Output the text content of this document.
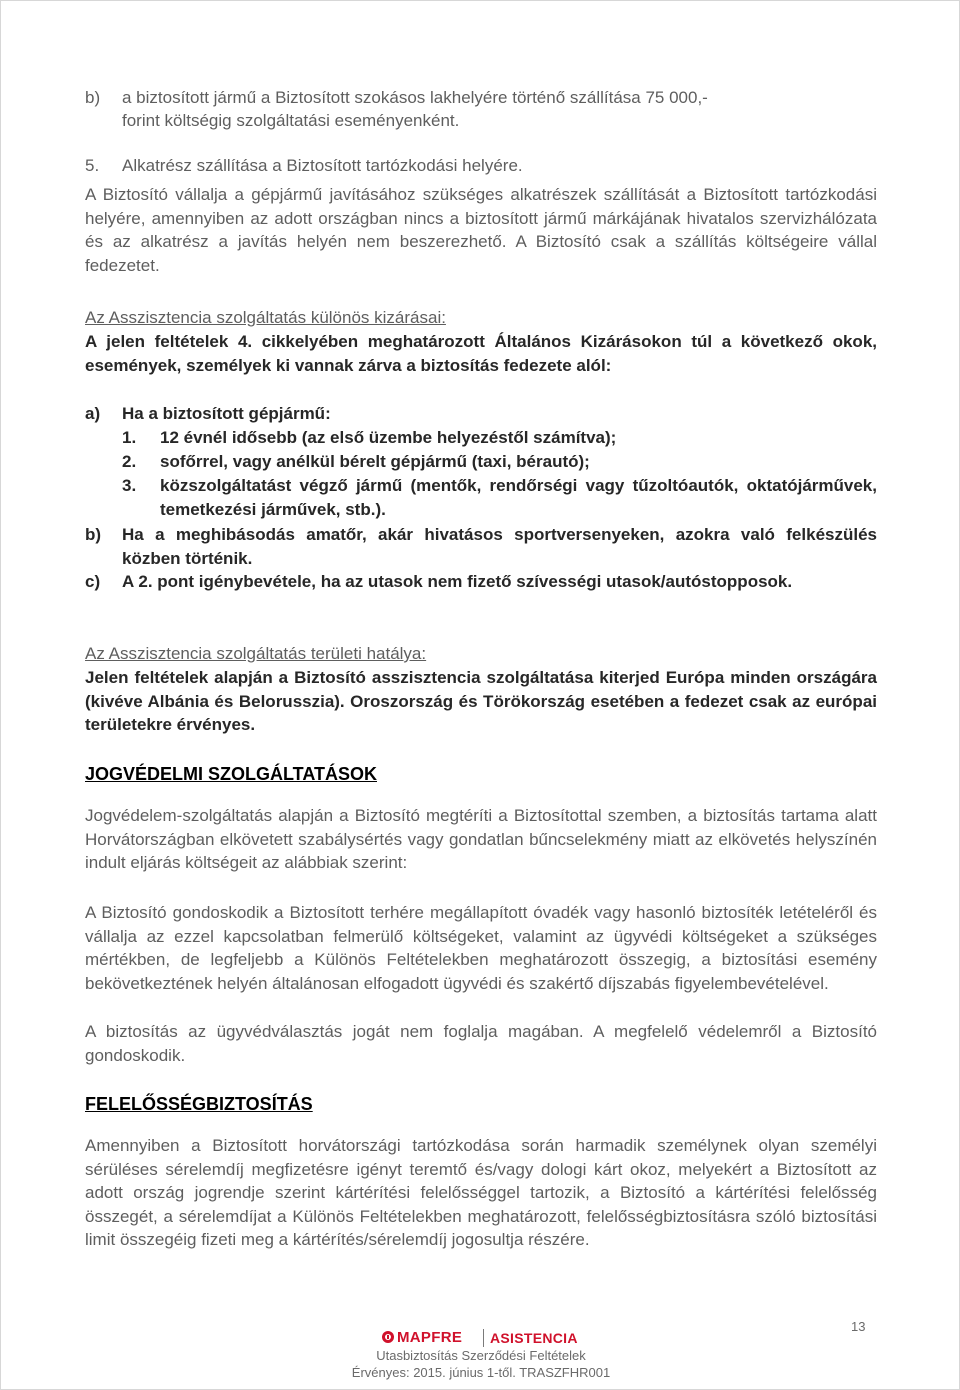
b) a biztosított jármű a Biztosított szokásos lakhelyére történő szállítása 75 000,-
forint költségig szolgáltatási eseményenként.
5. Alkatrész szállítása a Biztosított tartózkodási helyére.
A Biztosító vállalja a gépjármű javításához szükséges alkatrészek szállítását a Biztosított tartózkodási helyére, amennyiben az adott országban nincs a biztosított jármű márkájának hivatalos szervizhálózata és az alkatrész a javítás helyén nem beszerezhető. A Biztosító csak a szállítás költségeire vállal fedezetet.
Az Asszisztencia szolgáltatás különös kizárásai:
A jelen feltételek 4. cikkelyében meghatározott Általános Kizárásokon túl a következő okok, események, személyek ki vannak zárva a biztosítás fedezete alól:
a) Ha a biztosított gépjármű:
1. 12 évnél idősebb (az első üzembe helyezéstől számítva);
2. sofőrrel, vagy anélkül bérelt gépjármű (taxi, bérautó);
3. közszolgáltatást végző jármű (mentők, rendőrségi vagy tűzoltóautók, oktatójárművek, temetkezési járművek, stb.).
b) Ha a meghibásodás amatőr, akár hivatásos sportversenyeken, azokra való felkészülés közben történik.
c) A 2. pont igénybevétele, ha az utasok nem fizető szívességi utasok/autóstopposok.
Az Asszisztencia szolgáltatás területi hatálya:
Jelen feltételek alapján a Biztosító asszisztencia szolgáltatása kiterjed Európa minden országára (kivéve Albánia és Belorusszia). Oroszország és Törökország esetében a fedezet csak az európai területekre érvényes.
JOGVÉDELMI SZOLGÁLTATÁSOK
Jogvédelem-szolgáltatás alapján a Biztosító megtéríti a Biztosítottal szemben, a biztosítás tartama alatt Horvátországban elkövetett szabálysértés vagy gondatlan bűncselekmény miatt az elkövetés helyszínén indult eljárás költségeit az alábbiak szerint:
A Biztosító gondoskodik a Biztosított terhére megállapított óvadék vagy hasonló biztosíték letételéről és vállalja az ezzel kapcsolatban felmerülő költségeket, valamint az ügyvédi költségeket a szükséges mértékben, de legfeljebb a Különös Feltételekben meghatározott összegig, a biztosítási esemény bekövetkeztének helyén általánosan elfogadott ügyvédi és szakértő díjszabás figyelembevételével.
A biztosítás az ügyvédválasztás jogát nem foglalja magában. A megfelelő védelemről a Biztosító gondoskodik.
FELELŐSSÉGBIZTOSÍTÁS
Amennyiben a Biztosított horvátországi tartózkodása során harmadik személynek olyan személyi sérüléses sérelemdíj megfizetésre igényt teremtő és/vagy dologi kárt okoz, melyekért a Biztosított az adott ország jogrendje szerint kártérítési felelősséggel tartozik, a Biztosító a kártérítési felelősség összegét, a sérelemdíjat a Különös Feltételekben meghatározott, felelősségbiztosításra szóló biztosítási limit összegéig fizeti meg a kártérítés/sérelemdíj jogosultja részére.
13
MAPFRE ASISTENCIA
Utasbiztosítás Szerződési Feltételek
Érvényes: 2015. június 1-től. TRASZFHR001
